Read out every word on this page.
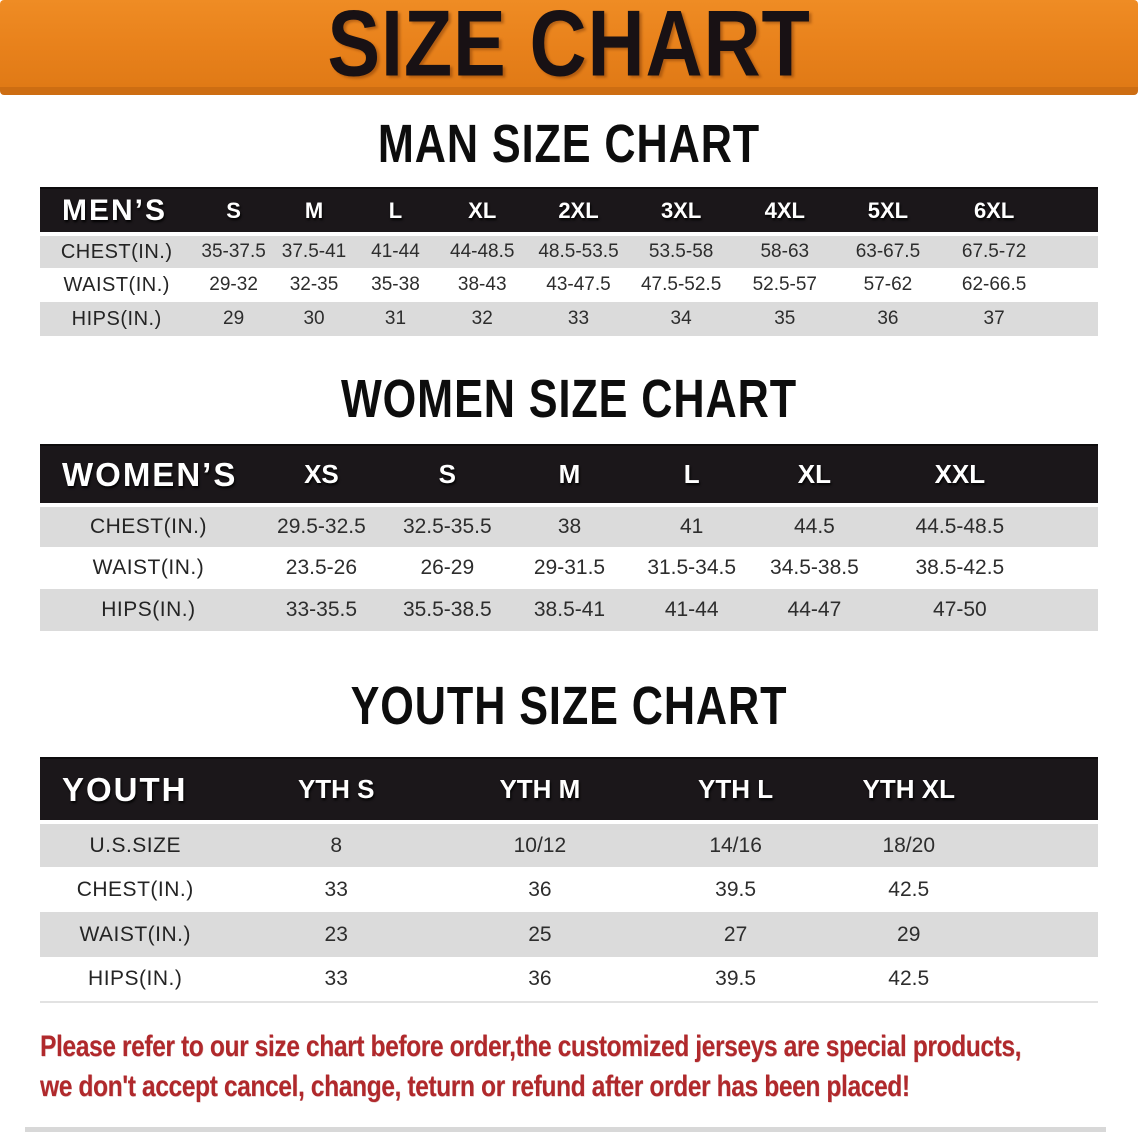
SIZE CHART
MAN SIZE CHART
MEN’S	S	M	L	XL	2XL	3XL	4XL	5XL	6XL
CHEST(IN.)	35-37.5	37.5-41	41-44	44-48.5	48.5-53.5	53.5-58	58-63	63-67.5	67.5-72
WAIST(IN.)	29-32	32-35	35-38	38-43	43-47.5	47.5-52.5	52.5-57	57-62	62-66.5
HIPS(IN.)	29	30	31	32	33	34	35	36	37
WOMEN SIZE CHART
WOMEN’S	XS	S	M	L	XL	XXL
CHEST(IN.)	29.5-32.5	32.5-35.5	38	41	44.5	44.5-48.5
WAIST(IN.)	23.5-26	26-29	29-31.5	31.5-34.5	34.5-38.5	38.5-42.5
HIPS(IN.)	33-35.5	35.5-38.5	38.5-41	41-44	44-47	47-50
YOUTH SIZE CHART
YOUTH	YTH S	YTH M	YTH L	YTH XL
U.S.SIZE	8	10/12	14/16	18/20
CHEST(IN.)	33	36	39.5	42.5
WAIST(IN.)	23	25	27	29
HIPS(IN.)	33	36	39.5	42.5

Please refer to our size chart before order,the customized jerseys are special products,
we don't accept cancel, change, teturn or refund after order has been placed!
